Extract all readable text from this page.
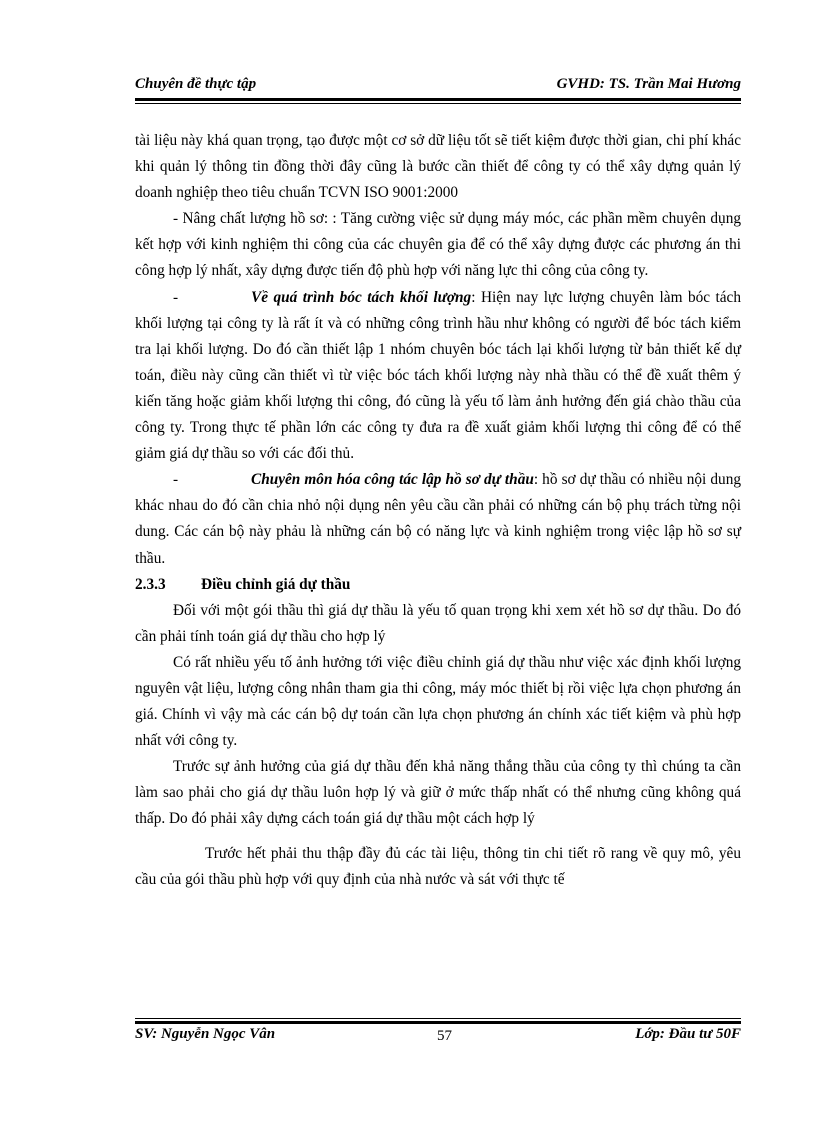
Chuyên đề thực tập	GVHD: TS. Trần Mai Hương

tài liệu này khá quan trọng, tạo được một cơ sở dữ liệu tốt sẽ tiết kiệm được thời gian, chi phí khác khi quản lý thông tin đồng thời đây cũng là bước cần thiết để công ty có thể xây dựng quản lý doanh nghiệp theo tiêu chuẩn TCVN ISO 9001:2000

- Nâng chất lượng hồ sơ: : Tăng cường việc sử dụng máy móc, các phần mềm chuyên dụng kết hợp với kinh nghiệm thi công của các chuyên gia để có thể xây dựng được các phương án thi công hợp lý nhất, xây dựng được tiến độ phù hợp với năng lực thi công của công ty.

-	Về quá trình bóc tách khối lượng: Hiện nay lực lượng chuyên làm bóc tách khối lượng tại công ty là rất ít và có những công trình hầu như không có người để bóc tách kiểm tra lại khối lượng. Do đó cần thiết lập 1 nhóm chuyên bóc tách lại khối lượng từ bản thiết kế dự toán, điều này cũng cần thiết vì từ việc bóc tách khối lượng này nhà thầu có thể đề xuất thêm ý kiến tăng hoặc giảm khối lượng thi công, đó cũng là yếu tố làm ảnh hưởng đến giá chào thầu của công ty. Trong thực tế phần lớn các công ty đưa ra đề xuất giảm khối lượng thi công để có thể giảm giá dự thầu so với các đối thủ.

-	Chuyên môn hóa công tác lập hồ sơ dự thầu: hồ sơ dự thầu có nhiều nội dung khác nhau do đó cần chia nhỏ nội dụng nên yêu cầu cần phải có những cán bộ phụ trách từng nội dung. Các cán bộ này phảu là những cán bộ có năng lực và kinh nghiệm trong việc lập hồ sơ sự thầu.

2.3.3	Điều chỉnh giá dự thầu

Đối với một gói thầu thì giá dự thầu là yếu tố quan trọng khi xem xét hồ sơ dự thầu. Do đó cần phải tính toán giá dự thầu cho hợp lý

Có rất nhiều yếu tố ảnh hưởng tới việc điều chỉnh giá dự thầu như việc xác định khối lượng nguyên vật liệu, lượng công nhân tham gia thi công, máy móc thiết bị rồi việc lựa chọn phương án giá. Chính vì vậy mà các cán bộ dự toán cần lựa chọn phương án chính xác tiết kiệm và phù hợp nhất với công ty.

Trước sự ảnh hưởng của giá dự thầu đến khả năng thắng thầu của công ty thì chúng ta cần làm sao phải cho giá dự thầu luôn hợp lý và giữ ở mức thấp nhất có thể nhưng cũng không quá thấp. Do đó phải xây dựng cách toán giá dự thầu một cách hợp lý

Trước hết phải thu thập đầy đủ các tài liệu, thông tin chi tiết rõ rang về quy mô, yêu cầu của gói thầu phù hợp với quy định của nhà nước và sát với thực tế

SV: Nguyễn Ngọc Vân	57	Lớp: Đầu tư 50F
